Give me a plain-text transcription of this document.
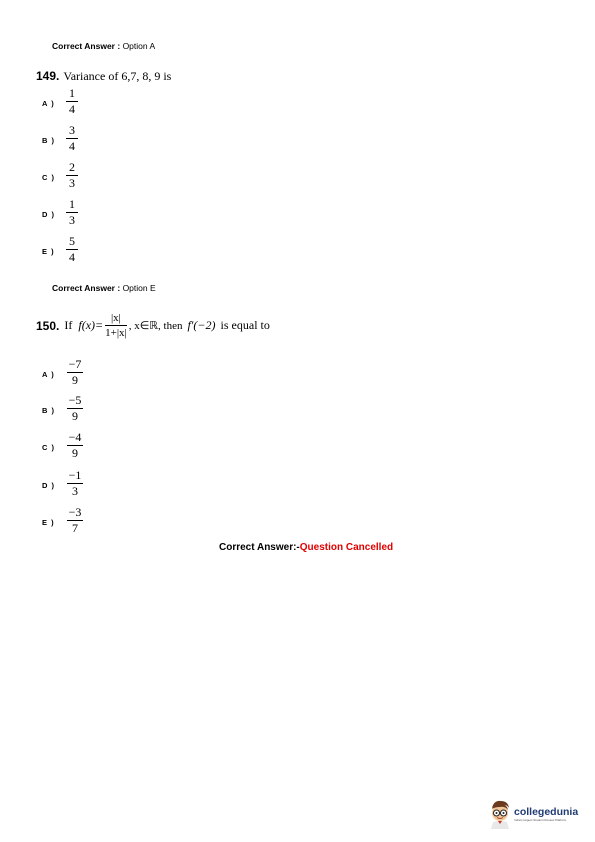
Correct Answer : Option A
149. Variance of 6,7, 8, 9 is
A )
1
4
B )
3
4
C )
2
3
D )
1
3
E )
5
4
Correct Answer : Option E
150. If f(x)= |x|
1+|x|
, x∈ℝ , then f′(−2) is equal to
A )
−7
9
B )
−5
9
C )
−4
9
D )
−1
3
E )
−3
7
Correct Answer:-Question Cancelled
collegedunia
India's largest Student Review Platform
